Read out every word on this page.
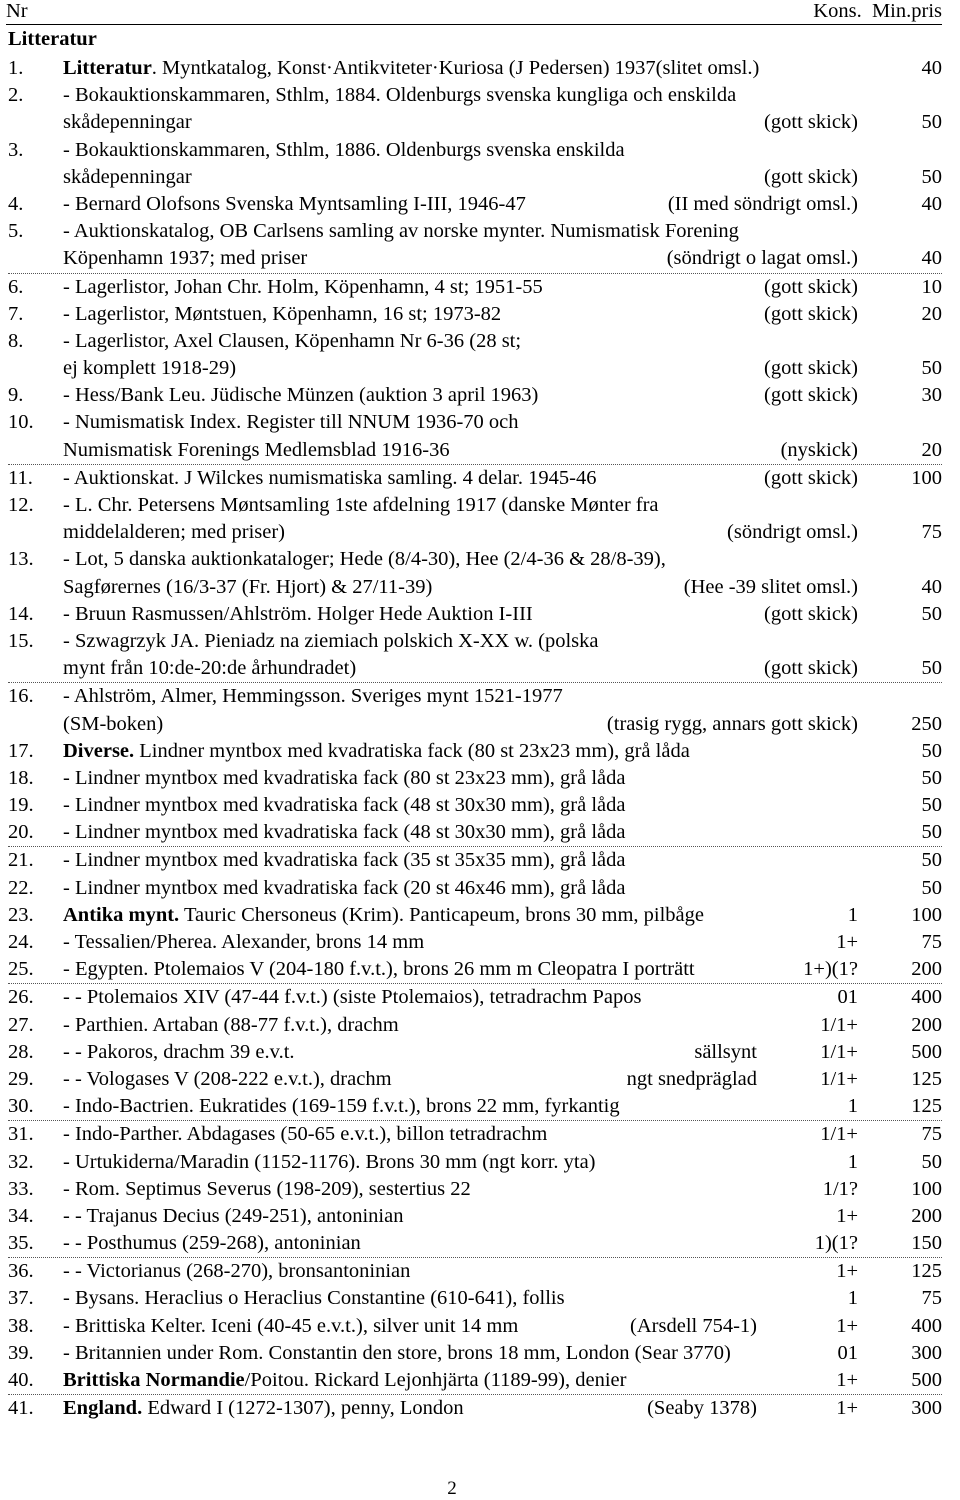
Nr	Kons.  Min.pris
Litteratur
1.	Litteratur. Myntkatalog, Konst·Antikviteter·Kuriosa (J Pedersen) 1937(slitet omsl.)	40
2.	- Bokauktionskammaren, Sthlm, 1884. Oldenburgs svenska kungliga och enskilda
skådepenningar	(gott skick)	50
3.	- Bokauktionskammaren, Sthlm, 1886. Oldenburgs svenska enskilda
skådepenningar	(gott skick)	50
4.	- Bernard Olofsons Svenska Myntsamling I-III, 1946-47	(II med söndrigt omsl.)	40
5.	- Auktionskatalog, OB Carlsens samling av norske mynter. Numismatisk Forening
Köpenhamn 1937; med priser	(söndrigt o lagat omsl.)	40
6.	- Lagerlistor, Johan Chr. Holm, Köpenhamn, 4 st; 1951-55	(gott skick)	10
7.	- Lagerlistor, Møntstuen, Köpenhamn, 16 st; 1973-82	(gott skick)	20
8.	- Lagerlistor, Axel Clausen, Köpenhamn Nr 6-36 (28 st;
ej komplett 1918-29)	(gott skick)	50
9.	- Hess/Bank Leu. Jüdische Münzen (auktion 3 april 1963)	(gott skick)	30
10.	- Numismatisk Index. Register till NNUM 1936-70 och
Numismatisk Forenings Medlemsblad 1916-36	(nyskick)	20
11.	- Auktionskat. J Wilckes numismatiska samling. 4 delar. 1945-46	(gott skick)	100
12.	- L. Chr. Petersens Møntsamling 1ste afdelning 1917 (danske Mønter fra
middelalderen; med priser)	(söndrigt omsl.)	75
13.	- Lot, 5 danska auktionkataloger; Hede (8/4-30), Hee (2/4-36 & 28/8-39),
Sagførernes (16/3-37 (Fr. Hjort) & 27/11-39)	(Hee -39 slitet omsl.)	40
14.	- Bruun Rasmussen/Ahlström. Holger Hede Auktion I-III	(gott skick)	50
15.	- Szwagrzyk JA. Pieniadz na ziemiach polskich X-XX w. (polska
mynt från 10:de-20:de århundradet)	(gott skick)	50
16.	- Ahlström, Almer, Hemmingsson. Sveriges mynt 1521-1977
(SM-boken)	(trasig rygg, annars gott skick)	250
17.	Diverse. Lindner myntbox med kvadratiska fack (80 st 23x23 mm), grå låda	50
18.	- Lindner myntbox med kvadratiska fack (80 st 23x23 mm), grå låda	50
19.	- Lindner myntbox med kvadratiska fack (48 st 30x30 mm), grå låda	50
20.	- Lindner myntbox med kvadratiska fack (48 st 30x30 mm), grå låda	50
21.	- Lindner myntbox med kvadratiska fack (35 st 35x35 mm), grå låda	50
22.	- Lindner myntbox med kvadratiska fack (20 st 46x46 mm), grå låda	50
23.	Antika mynt. Tauric Chersoneus (Krim). Panticapeum, brons 30 mm, pilbåge	1	100
24.	- Tessalien/Pherea. Alexander, brons 14 mm	1+	75
25.	- Egypten. Ptolemaios V (204-180 f.v.t.), brons 26 mm m Cleopatra I porträtt	1+)(1?	200
26.	- - Ptolemaios XIV (47-44 f.v.t.) (siste Ptolemaios), tetradrachm Papos	01	400
27.	- Parthien. Artaban (88-77 f.v.t.), drachm	1/1+	200
28.	- - Pakoros, drachm 39 e.v.t.	sällsynt	1/1+	500
29.	- - Vologases V (208-222 e.v.t.), drachm	ngt snedpräglad	1/1+	125
30.	- Indo-Bactrien. Eukratides (169-159 f.v.t.), brons 22 mm, fyrkantig	1	125
31.	- Indo-Parther. Abdagases (50-65 e.v.t.), billon tetradrachm	1/1+	75
32.	- Urtukiderna/Maradin (1152-1176). Brons 30 mm (ngt korr. yta)	1	50
33.	- Rom. Septimus Severus (198-209), sestertius 22	1/1?	100
34.	- - Trajanus Decius (249-251), antoninian	1+	200
35.	- - Posthumus (259-268), antoninian	1)(1?	150
36.	- - Victorianus (268-270), bronsantoninian	1+	125
37.	- Bysans. Heraclius o Heraclius Constantine (610-641), follis	1	75
38.	- Brittiska Kelter. Iceni (40-45 e.v.t.), silver unit 14 mm	(Arsdell 754-1)	1+	400
39.	- Britannien under Rom. Constantin den store, brons 18 mm, London (Sear 3770)	01	300
40.	Brittiska Normandie/Poitou. Rickard Lejonhjärta (1189-99), denier	1+	500
41.	England. Edward I (1272-1307), penny, London	(Seaby 1378)	1+	300
2
